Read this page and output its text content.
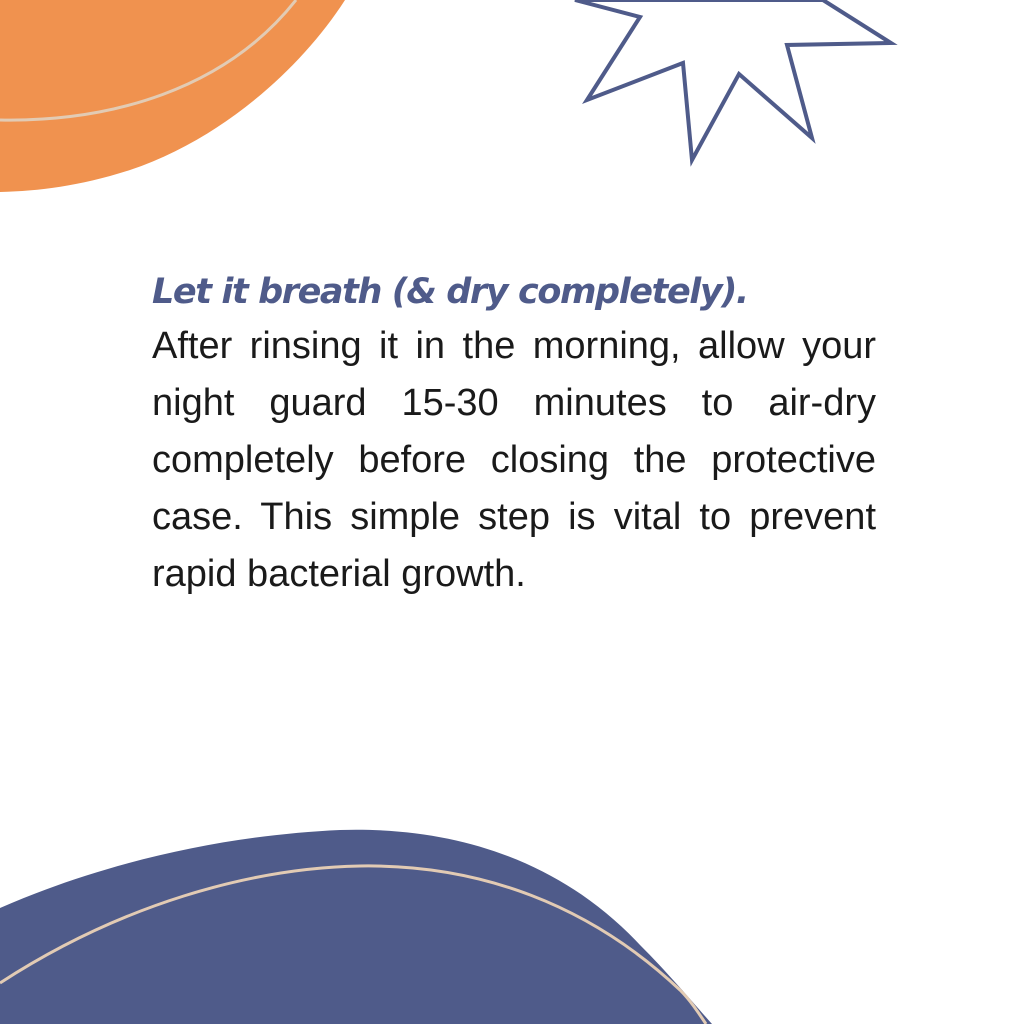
Let it breath (& dry completely).

After rinsing it in the morning, allow your night guard 15-30 minutes to air-dry completely before closing the protective case. This simple step is vital to prevent rapid bacterial growth.
